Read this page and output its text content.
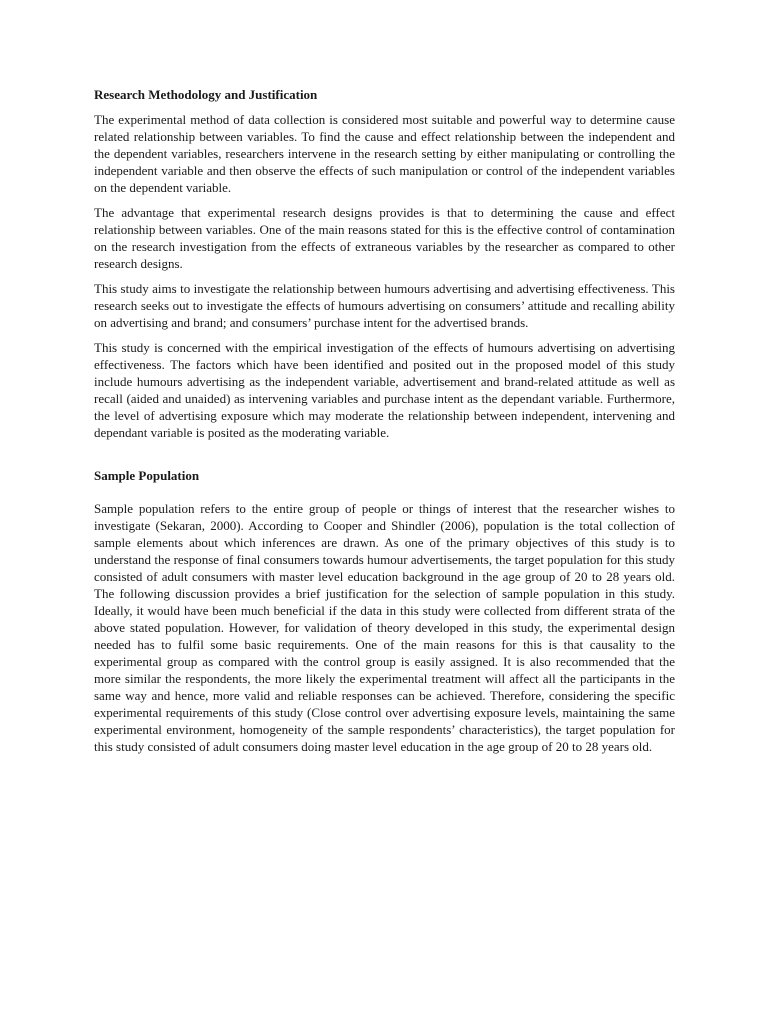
Research Methodology and Justification

The experimental method of data collection is considered most suitable and powerful way to determine cause related relationship between variables. To find the cause and effect relationship between the independent and the dependent variables, researchers intervene in the research setting by either manipulating or controlling the independent variable and then observe the effects of such manipulation or control of the independent variables on the dependent variable.

The advantage that experimental research designs provides is that to determining the cause and effect relationship between variables. One of the main reasons stated for this is the effective control of contamination on the research investigation from the effects of extraneous variables by the researcher as compared to other research designs.

This study aims to investigate the relationship between humours advertising and advertising effectiveness. This research seeks out to investigate the effects of humours advertising on consumers’ attitude and recalling ability on advertising and brand; and consumers’ purchase intent for the advertised brands.

This study is concerned with the empirical investigation of the effects of humours advertising on advertising effectiveness. The factors which have been identified and posited out in the proposed model of this study include humours advertising as the independent variable, advertisement and brand-related attitude as well as recall (aided and unaided) as intervening variables and purchase intent as the dependant variable. Furthermore, the level of advertising exposure which may moderate the relationship between independent, intervening and dependant variable is posited as the moderating variable.

Sample Population

Sample population refers to the entire group of people or things of interest that the researcher wishes to investigate (Sekaran, 2000). According to Cooper and Shindler (2006), population is the total collection of sample elements about which inferences are drawn. As one of the primary objectives of this study is to understand the response of final consumers towards humour advertisements, the target population for this study consisted of adult consumers with master level education background in the age group of 20 to 28 years old. The following discussion provides a brief justification for the selection of sample population in this study. Ideally, it would have been much beneficial if the data in this study were collected from different strata of the above stated population. However, for validation of theory developed in this study, the experimental design needed has to fulfil some basic requirements. One of the main reasons for this is that causality to the experimental group as compared with the control group is easily assigned. It is also recommended that the more similar the respondents, the more likely the experimental treatment will affect all the participants in the same way and hence, more valid and reliable responses can be achieved. Therefore, considering the specific experimental requirements of this study (Close control over advertising exposure levels, maintaining the same experimental environment, homogeneity of the sample respondents’ characteristics), the target population for this study consisted of adult consumers doing master level education in the age group of 20 to 28 years old.
